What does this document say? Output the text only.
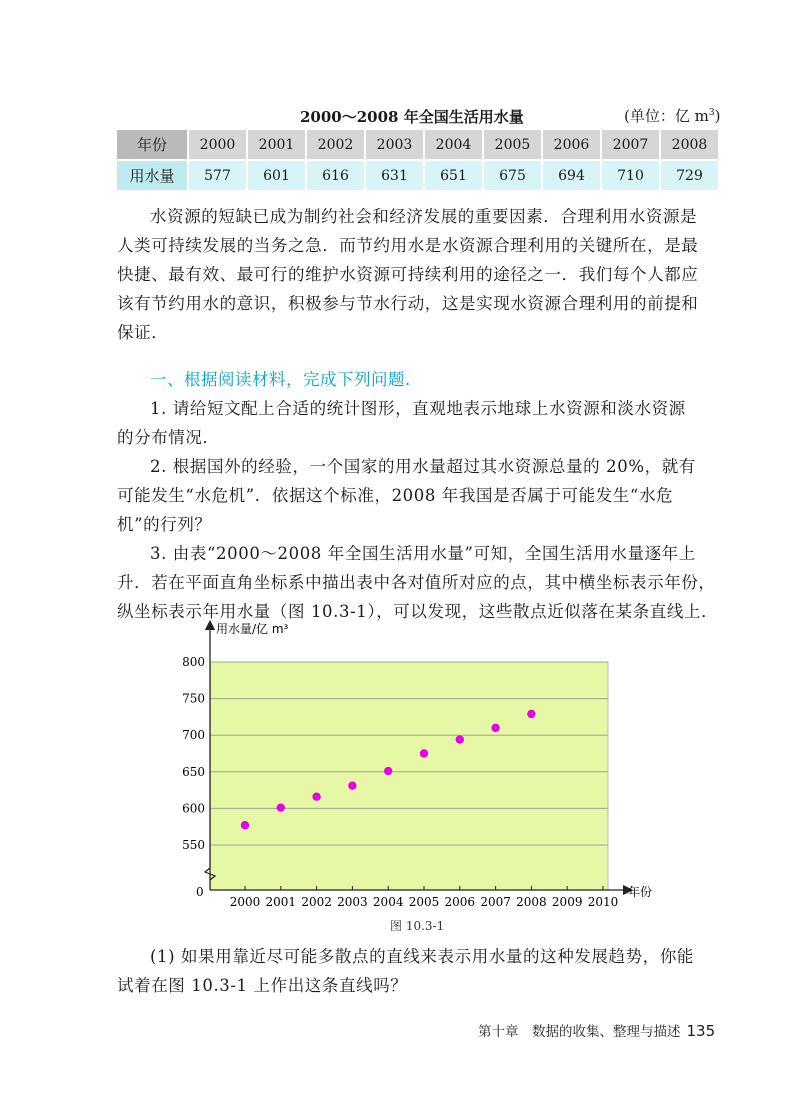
2000～2008 年全国生活用水量	(单位：亿 $m^3$)
年份	2000	2001	2002	2003	2004	2005	2006	2007	2008
用水量	577	601	616	631	651	675	694	710	729
水资源的短缺已成为制约社会和经济发展的重要因素．合理利用水资源是
人类可持续发展的当务之急．而节约用水是水资源合理利用的关键所在，是最
快捷、最有效、最可行的维护水资源可持续利用的途径之一．我们每个人都应
该有节约用水的意识，积极参与节水行动，这是实现水资源合理利用的前提和
保证．
一、根据阅读材料，完成下列问题．
1. 请给短文配上合适的统计图形，直观地表示地球上水资源和淡水资源
的分布情况．
2. 根据国外的经验，一个国家的用水量超过其水资源总量的 20%，就有
可能发生“水危机”．依据这个标准，2008 年我国是否属于可能发生“水危
机”的行列？
3. 由表“2000～2008 年全国生活用水量”可知，全国生活用水量逐年上
升．若在平面直角坐标系中描出表中各对值所对应的点，其中横坐标表示年份，
纵坐标表示年用水量（图 10.3-1），可以发现，这些散点近似落在某条直线上．
550
600
650
700
750
800
2000 2001 2002 2003 2004 2005 2006 2007 2008 2009 2010
用水量/亿 m³
年份
0
图 10.3-1
(1) 如果用靠近尽可能多散点的直线来表示用水量的这种发展趋势，你能
试着在图 10.3-1 上作出这条直线吗？
第十章　数据的收集、整理与描述 135
